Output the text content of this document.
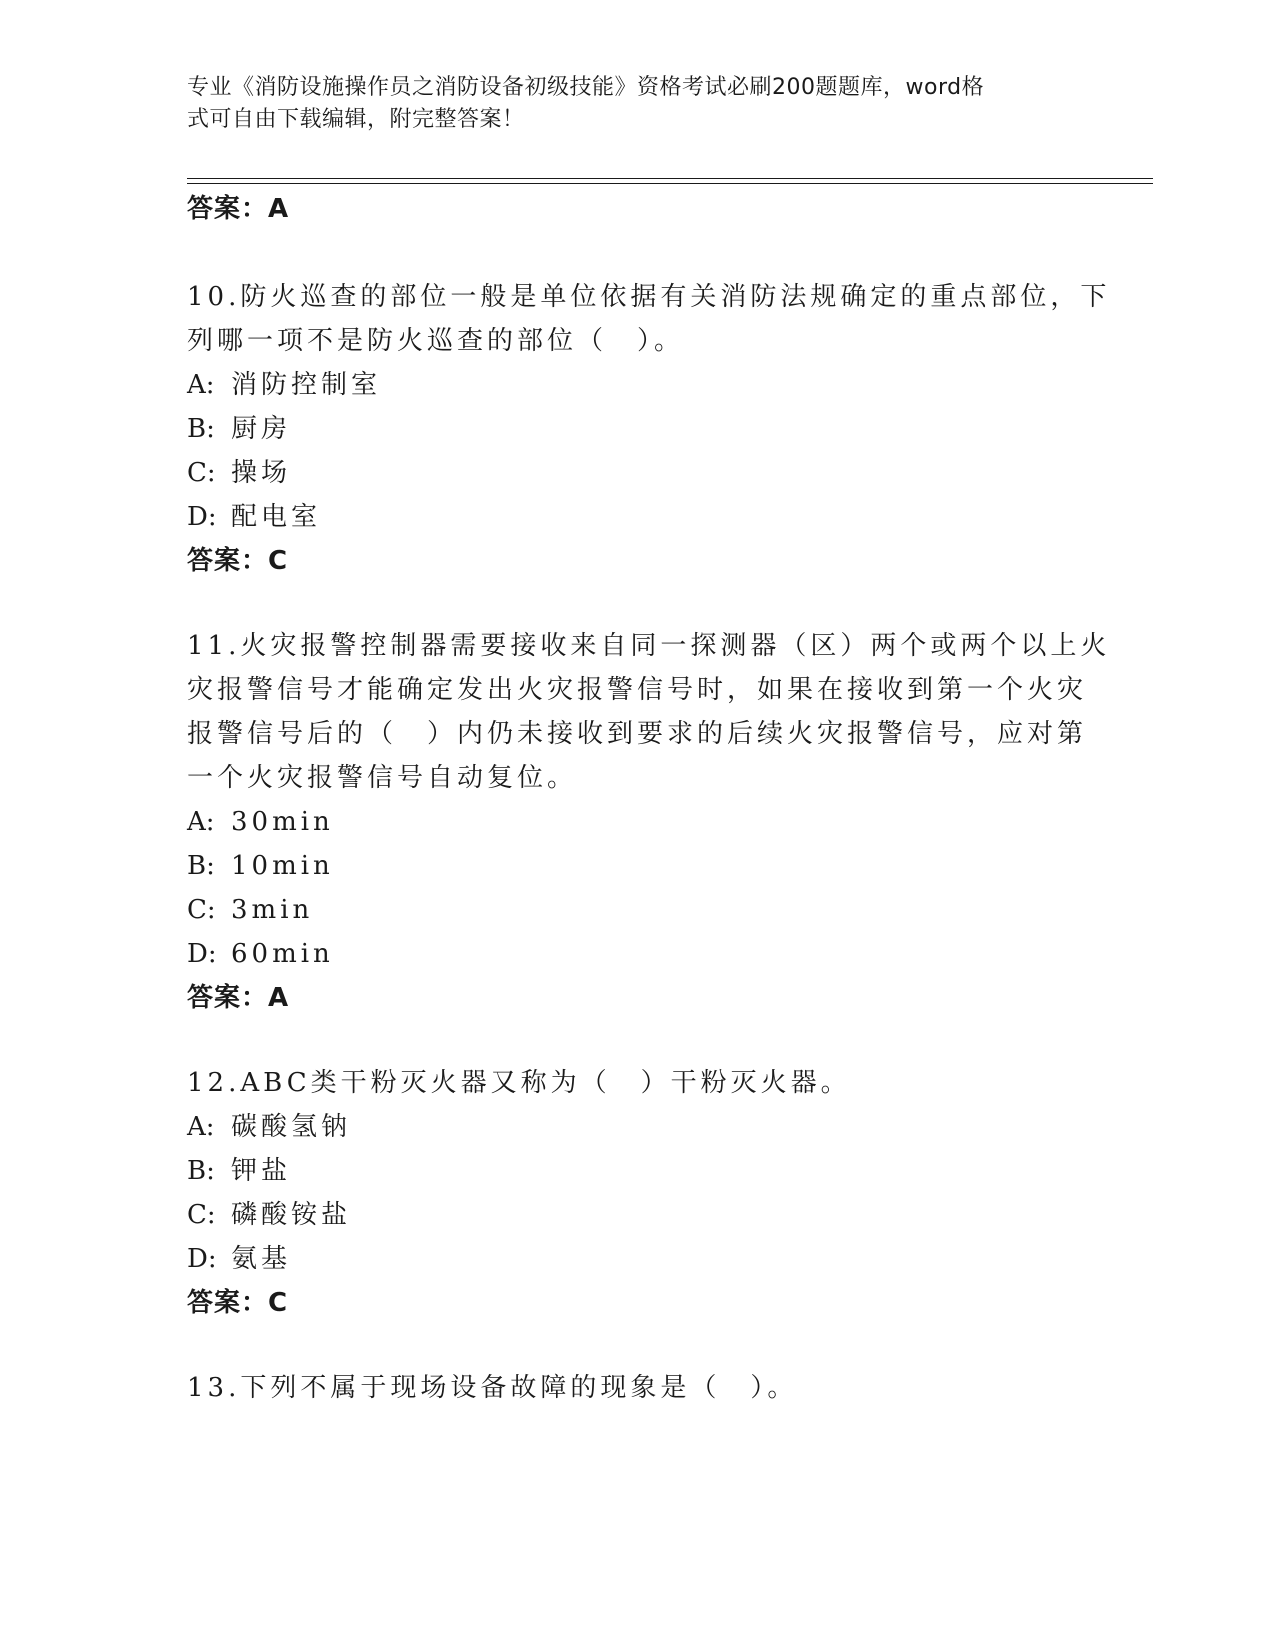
专业《消防设施操作员之消防设备初级技能》资格考试必刷200题题库，word格
式可自由下载编辑，附完整答案！
答案：A
10.防火巡查的部位一般是单位依据有关消防法规确定的重点部位，下
列哪一项不是防火巡查的部位（　）。
A: 消防控制室
B: 厨房
C: 操场
D: 配电室
答案：C
11.火灾报警控制器需要接收来自同一探测器（区）两个或两个以上火
灾报警信号才能确定发出火灾报警信号时，如果在接收到第一个火灾
报警信号后的（　）内仍未接收到要求的后续火灾报警信号，应对第
一个火灾报警信号自动复位。
A: 30min
B: 10min
C: 3min
D: 60min
答案：A
12.ABC类干粉灭火器又称为（　）干粉灭火器。
A: 碳酸氢钠
B: 钾盐
C: 磷酸铵盐
D: 氨基
答案：C
13.下列不属于现场设备故障的现象是（　）。
